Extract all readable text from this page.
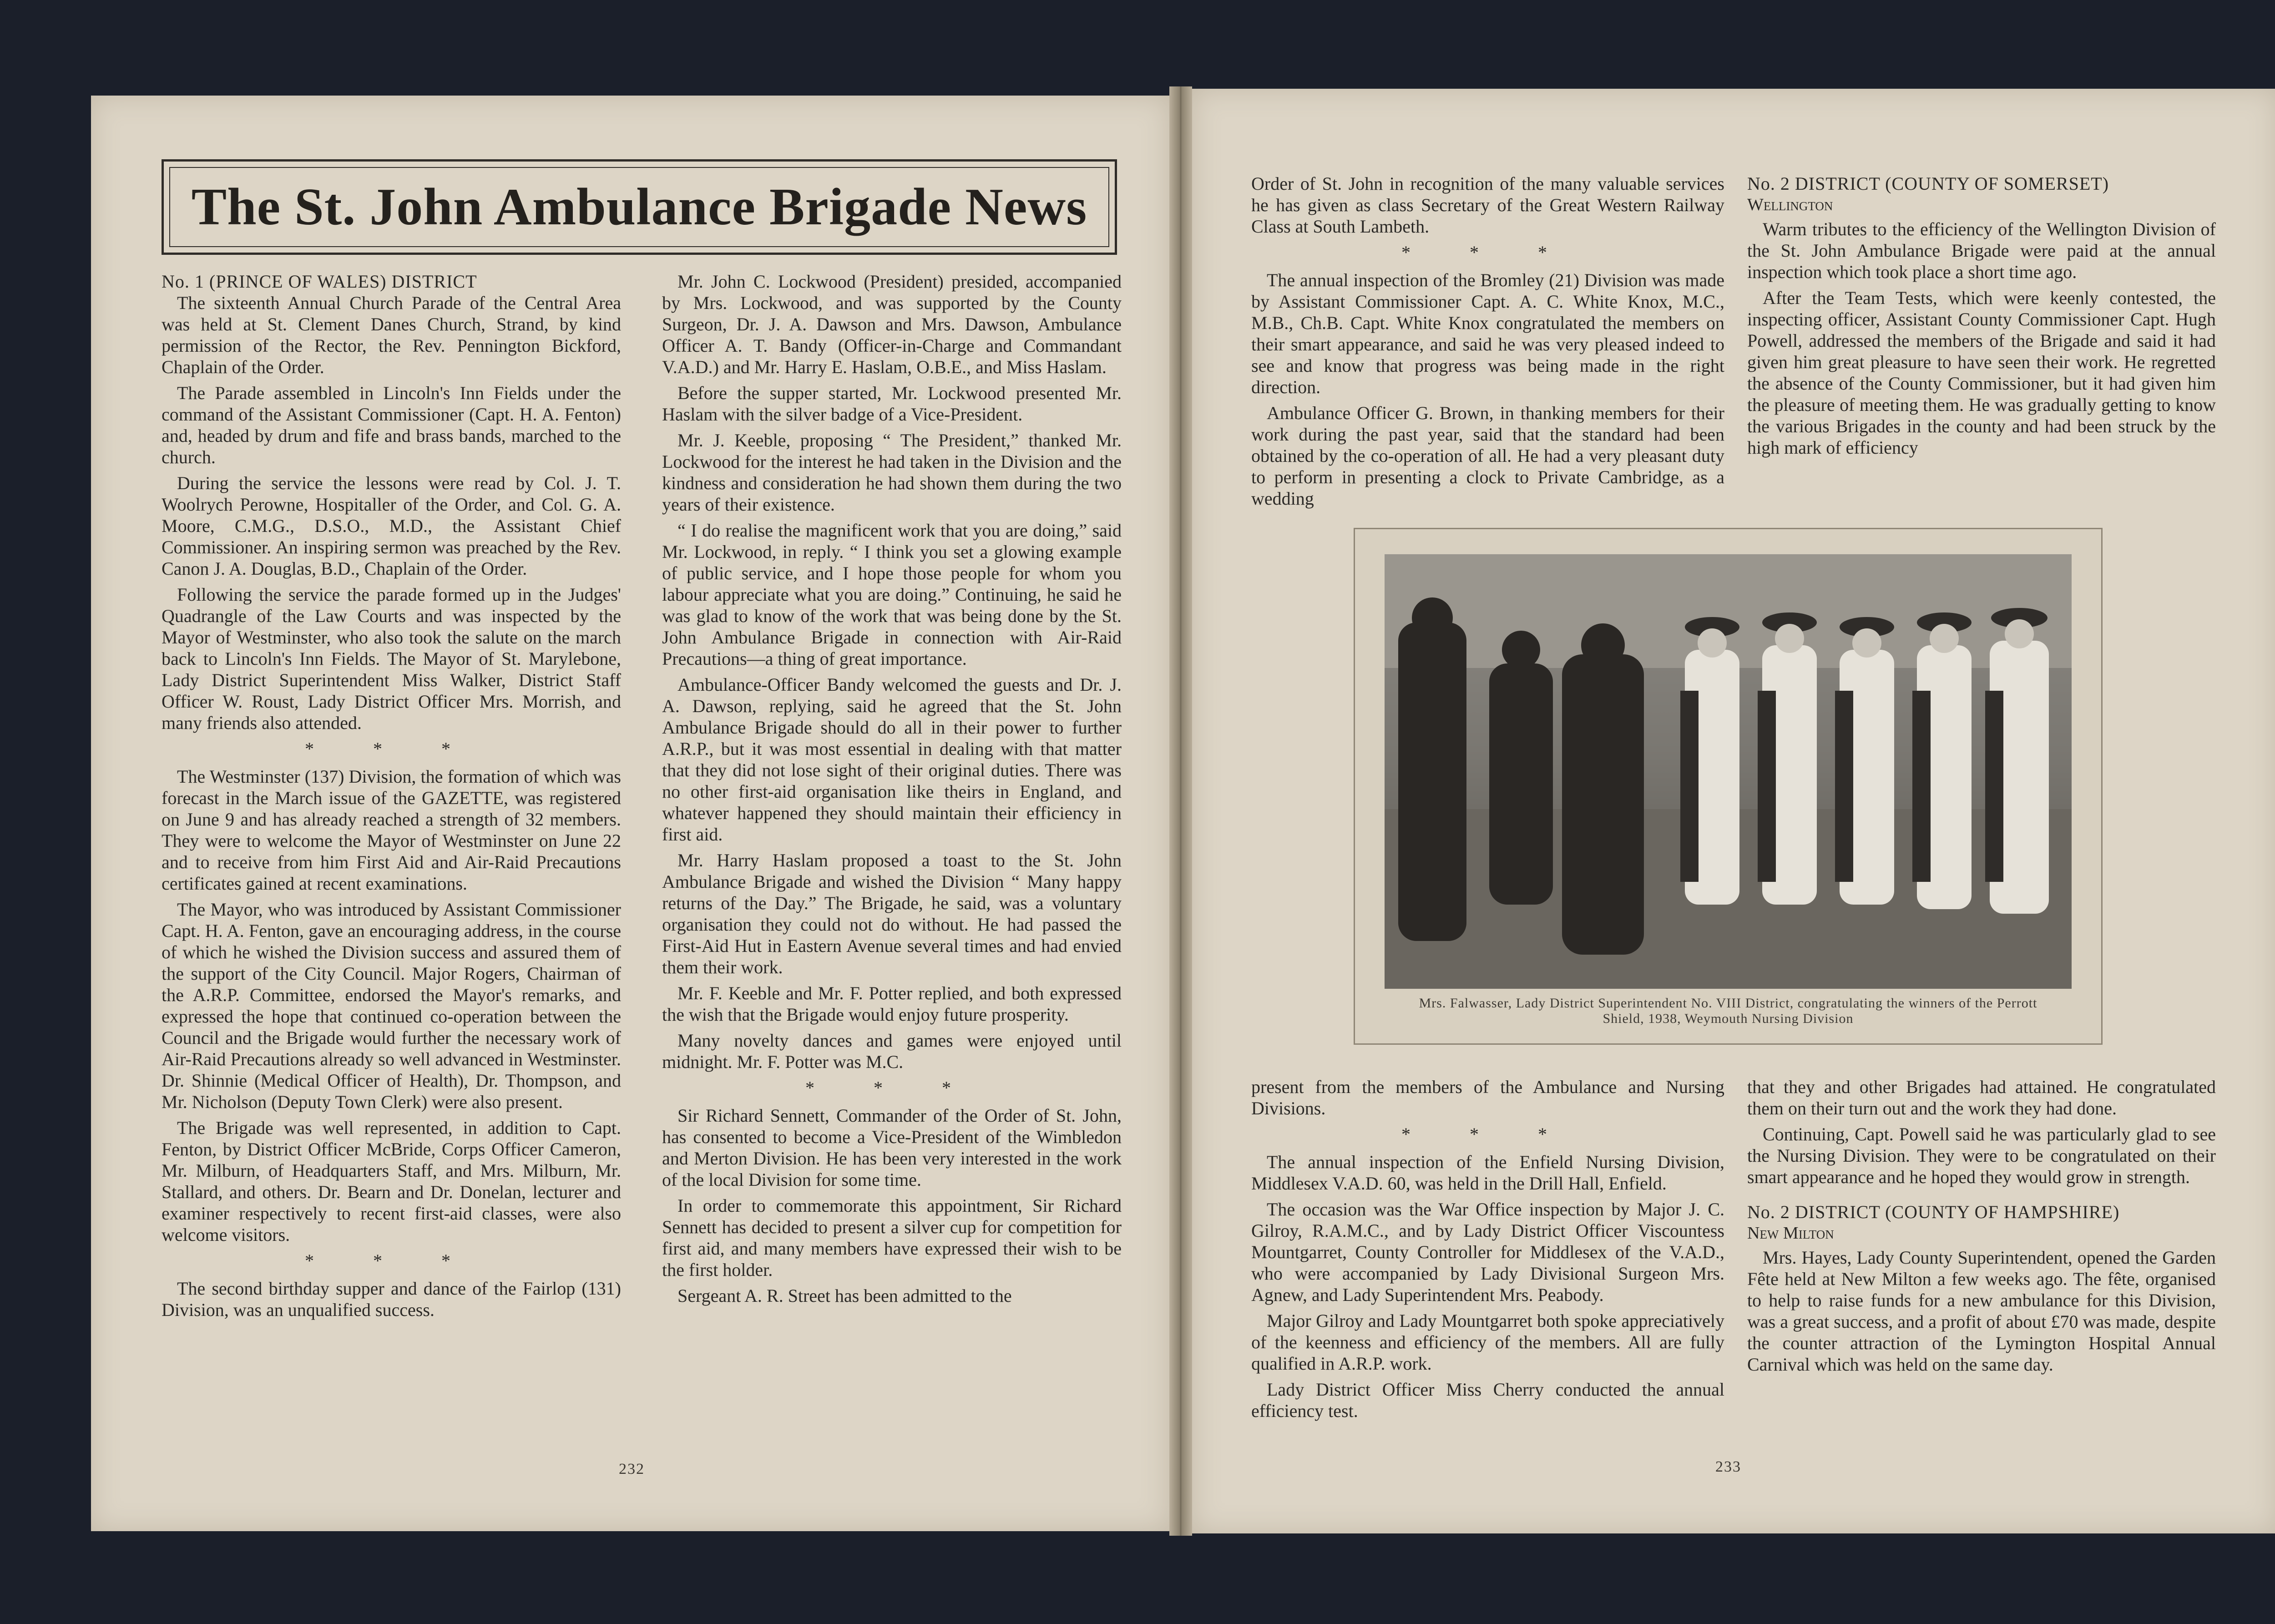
The St. John Ambulance Brigade News

No. 1 (PRINCE OF WALES) DISTRICT

The sixteenth Annual Church Parade of the Central Area was held at St. Clement Danes Church, Strand, by kind permission of the Rector, the Rev. Pennington Bickford, Chaplain of the Order.

The Parade assembled in Lincoln's Inn Fields under the command of the Assistant Commissioner (Capt. H. A. Fenton) and, headed by drum and fife and brass bands, marched to the church.

During the service the lessons were read by Col. J. T. Woolrych Perowne, Hospitaller of the Order, and Col. G. A. Moore, C.M.G., D.S.O., M.D., the Assistant Chief Commissioner. An inspiring sermon was preached by the Rev. Canon J. A. Douglas, B.D., Chaplain of the Order.

Following the service the parade formed up in the Judges' Quadrangle of the Law Courts and was inspected by the Mayor of Westminster, who also took the salute on the march back to Lincoln's Inn Fields. The Mayor of St. Marylebone, Lady District Superintendent Miss Walker, District Staff Officer W. Roust, Lady District Officer Mrs. Morrish, and many friends also attended.

* * *

The Westminster (137) Division, the formation of which was forecast in the March issue of the GAZETTE, was registered on June 9 and has already reached a strength of 32 members. They were to welcome the Mayor of Westminster on June 22 and to receive from him First Aid and Air-Raid Precautions certificates gained at recent examinations.

The Mayor, who was introduced by Assistant Commissioner Capt. H. A. Fenton, gave an encouraging address, in the course of which he wished the Division success and assured them of the support of the City Council. Major Rogers, Chairman of the A.R.P. Committee, endorsed the Mayor's remarks, and expressed the hope that continued co-operation between the Council and the Brigade would further the necessary work of Air-Raid Precautions already so well advanced in Westminster. Dr. Shinnie (Medical Officer of Health), Dr. Thompson, and Mr. Nicholson (Deputy Town Clerk) were also present.

The Brigade was well represented, in addition to Capt. Fenton, by District Officer McBride, Corps Officer Cameron, Mr. Milburn, of Headquarters Staff, and Mrs. Milburn, Mr. Stallard, and others. Dr. Bearn and Dr. Donelan, lecturer and examiner respectively to recent first-aid classes, were also welcome visitors.

* * *

The second birthday supper and dance of the Fairlop (131) Division, was an unqualified success.

Mr. John C. Lockwood (President) presided, accompanied by Mrs. Lockwood, and was supported by the County Surgeon, Dr. J. A. Dawson and Mrs. Dawson, Ambulance Officer A. T. Bandy (Officer-in-Charge and Commandant V.A.D.) and Mr. Harry E. Haslam, O.B.E., and Miss Haslam.

Before the supper started, Mr. Lockwood presented Mr. Haslam with the silver badge of a Vice-President.

Mr. J. Keeble, proposing “ The President,” thanked Mr. Lockwood for the interest he had taken in the Division and the kindness and consideration he had shown them during the two years of their existence.

“ I do realise the magnificent work that you are doing,” said Mr. Lockwood, in reply. “ I think you set a glowing example of public service, and I hope those people for whom you labour appreciate what you are doing.” Continuing, he said he was glad to know of the work that was being done by the St. John Ambulance Brigade in connection with Air-Raid Precautions—a thing of great importance.

Ambulance-Officer Bandy welcomed the guests and Dr. J. A. Dawson, replying, said he agreed that the St. John Ambulance Brigade should do all in their power to further A.R.P., but it was most essential in dealing with that matter that they did not lose sight of their original duties. There was no other first-aid organisation like theirs in England, and whatever happened they should maintain their efficiency in first aid.

Mr. Harry Haslam proposed a toast to the St. John Ambulance Brigade and wished the Division “ Many happy returns of the Day.” The Brigade, he said, was a voluntary organisation they could not do without. He had passed the First-Aid Hut in Eastern Avenue several times and had envied them their work.

Mr. F. Keeble and Mr. F. Potter replied, and both expressed the wish that the Brigade would enjoy future prosperity.

Many novelty dances and games were enjoyed until midnight. Mr. F. Potter was M.C.

* * *

Sir Richard Sennett, Commander of the Order of St. John, has consented to become a Vice-President of the Wimbledon and Merton Division. He has been very interested in the work of the local Division for some time.

In order to commemorate this appointment, Sir Richard Sennett has decided to present a silver cup for competition for first aid, and many members have expressed their wish to be the first holder.

Sergeant A. R. Street has been admitted to the

232

Order of St. John in recognition of the many valuable services he has given as class Secretary of the Great Western Railway Class at South Lambeth.

* * *

The annual inspection of the Bromley (21) Division was made by Assistant Commissioner Capt. A. C. White Knox, M.C., M.B., Ch.B. Capt. White Knox congratulated the members on their smart appearance, and said he was very pleased indeed to see and know that progress was being made in the right direction.

Ambulance Officer G. Brown, in thanking members for their work during the past year, said that the standard had been obtained by the co-operation of all. He had a very pleasant duty to perform in presenting a clock to Private Cambridge, as a wedding

No. 2 DISTRICT (COUNTY OF SOMERSET)

Wellington

Warm tributes to the efficiency of the Wellington Division of the St. John Ambulance Brigade were paid at the annual inspection which took place a short time ago.

After the Team Tests, which were keenly contested, the inspecting officer, Assistant County Commissioner Capt. Hugh Powell, addressed the members of the Brigade and said it had given him great pleasure to have seen their work. He regretted the absence of the County Commissioner, but it had given him the pleasure of meeting them. He was gradually getting to know the various Brigades in the county and had been struck by the high mark of efficiency

Mrs. Falwasser, Lady District Superintendent No. VIII District, congratulating the winners of the Perrott Shield, 1938, Weymouth Nursing Division

present from the members of the Ambulance and Nursing Divisions.

* * *

The annual inspection of the Enfield Nursing Division, Middlesex V.A.D. 60, was held in the Drill Hall, Enfield.

The occasion was the War Office inspection by Major J. C. Gilroy, R.A.M.C., and by Lady District Officer Viscountess Mountgarret, County Controller for Middlesex of the V.A.D., who were accompanied by Lady Divisional Surgeon Mrs. Agnew, and Lady Superintendent Mrs. Peabody.

Major Gilroy and Lady Mountgarret both spoke appreciatively of the keenness and efficiency of the members. All are fully qualified in A.R.P. work.

Lady District Officer Miss Cherry conducted the annual efficiency test.

that they and other Brigades had attained. He congratulated them on their turn out and the work they had done.

Continuing, Capt. Powell said he was particularly glad to see the Nursing Division. They were to be congratulated on their smart appearance and he hoped they would grow in strength.

No. 2 DISTRICT (COUNTY OF HAMPSHIRE)

New Milton

Mrs. Hayes, Lady County Superintendent, opened the Garden Fête held at New Milton a few weeks ago. The fête, organised to help to raise funds for a new ambulance for this Division, was a great success, and a profit of about £70 was made, despite the counter attraction of the Lymington Hospital Annual Carnival which was held on the same day.

233
